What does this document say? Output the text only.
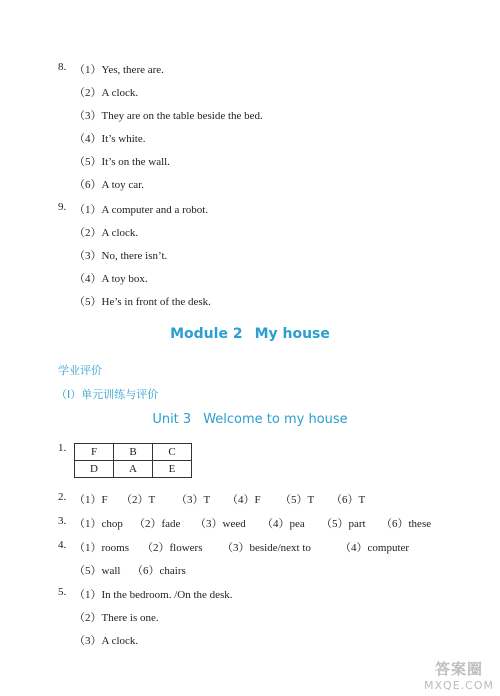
8. （1）Yes, there are.
（2）A clock.
（3）They are on the table beside the bed.
（4）It’s white.
（5）It’s on the wall.
（6）A toy car.
9. （1）A computer and a robot.
（2）A clock.
（3）No, there isn’t.
（4）A toy box.
（5）He’s in front of the desk.
Module 2 My house
学业评价
（Ⅰ）单元训练与评价
Unit 3 Welcome to my house
1. F	B	C
D	A	E
2. （1）F （2）T （3）T （4）F （5）T （6）T
3. （1）chop （2）fade （3）weed （4）pea （5）part （6）these
4. （1）rooms （2）flowers （3）beside/next to	（4）computer
（5）wall （6）chairs
5. （1）In the bedroom. /On the desk.
（2）There is one.
（3）A clock.
答案圈
MXQE.COM
